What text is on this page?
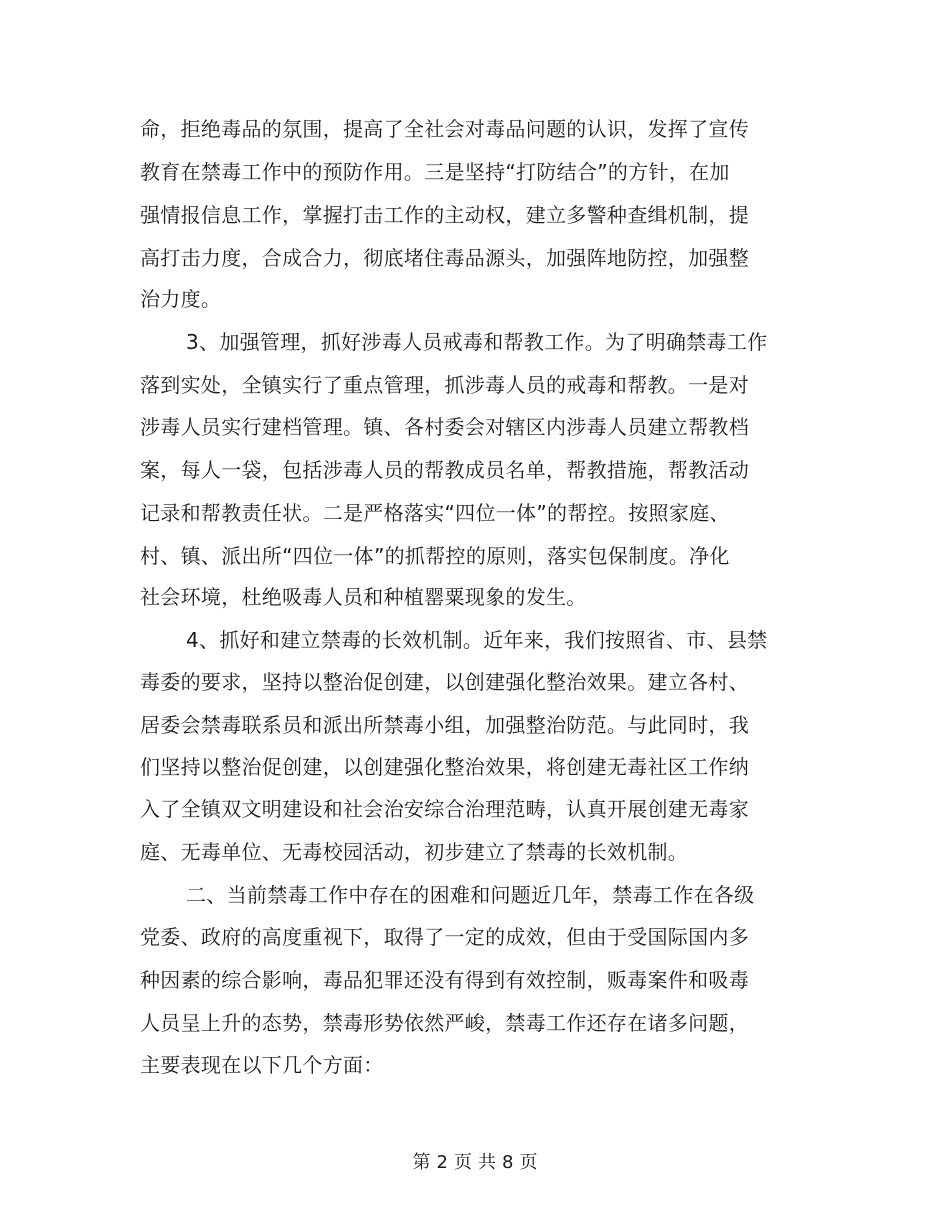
命，拒绝毒品的氛围，提高了全社会对毒品问题的认识，发挥了宣传
教育在禁毒工作中的预防作用。三是坚持“打防结合”的方针，在加
强情报信息工作，掌握打击工作的主动权，建立多警种查缉机制，提
高打击力度，合成合力，彻底堵住毒品源头，加强阵地防控，加强整
治力度。
3、加强管理，抓好涉毒人员戒毒和帮教工作。为了明确禁毒工作
落到实处，全镇实行了重点管理，抓涉毒人员的戒毒和帮教。一是对
涉毒人员实行建档管理。镇、各村委会对辖区内涉毒人员建立帮教档
案，每人一袋，包括涉毒人员的帮教成员名单，帮教措施，帮教活动
记录和帮教责任状。二是严格落实“四位一体”的帮控。按照家庭、
村、镇、派出所“四位一体”的抓帮控的原则，落实包保制度。净化
社会环境，杜绝吸毒人员和种植罂粟现象的发生。
4、抓好和建立禁毒的长效机制。近年来，我们按照省、市、县禁
毒委的要求，坚持以整治促创建，以创建强化整治效果。建立各村、
居委会禁毒联系员和派出所禁毒小组，加强整治防范。与此同时，我
们坚持以整治促创建，以创建强化整治效果，将创建无毒社区工作纳
入了全镇双文明建设和社会治安综合治理范畴，认真开展创建无毒家
庭、无毒单位、无毒校园活动，初步建立了禁毒的长效机制。
二、当前禁毒工作中存在的困难和问题近几年，禁毒工作在各级
党委、政府的高度重视下，取得了一定的成效，但由于受国际国内多
种因素的综合影响，毒品犯罪还没有得到有效控制，贩毒案件和吸毒
人员呈上升的态势，禁毒形势依然严峻，禁毒工作还存在诸多问题，
主要表现在以下几个方面：
第 2 页 共 8 页
